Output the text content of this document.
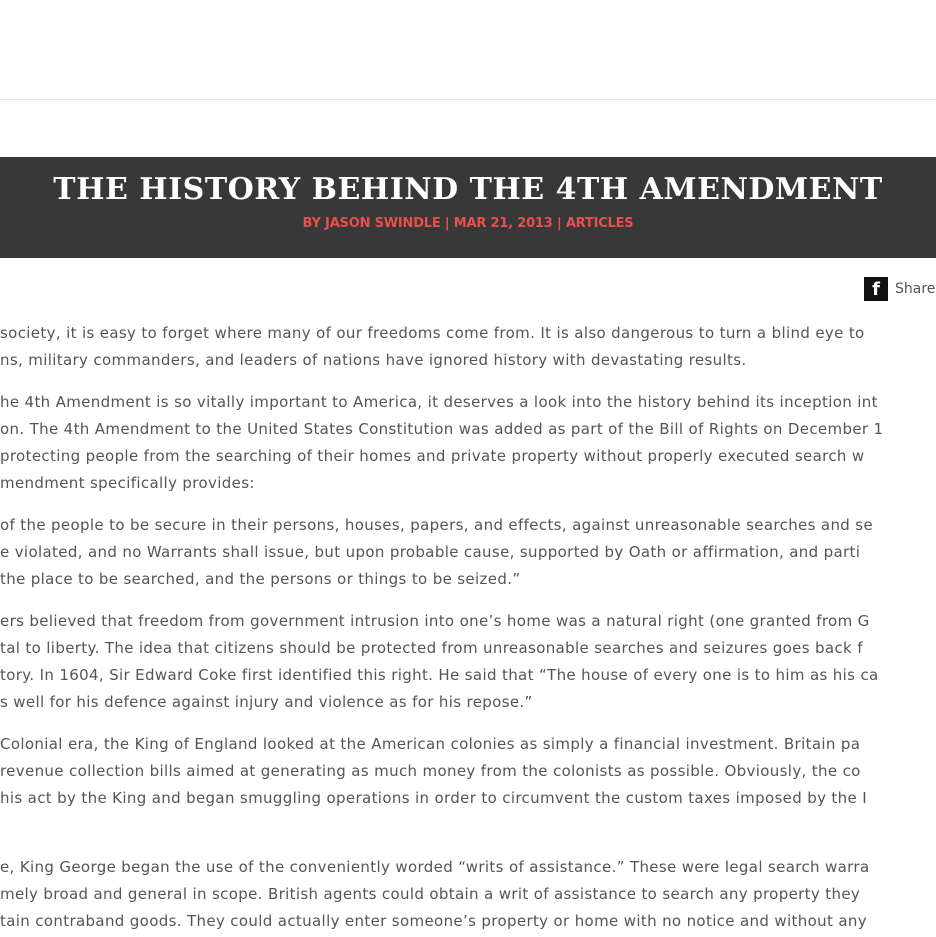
THE HISTORY BEHIND THE 4TH AMENDMENT
BY JASON SWINDLE | MAR 21, 2013 | ARTICLES
f	Share
society, it is easy to forget where many of our freedoms come from. It is also dangerous to turn a blind eye to
ns, military commanders, and leaders of nations have ignored history with devastating results.
he 4th Amendment is so vitally important to America, it deserves a look into the history behind its inception int
on. The 4th Amendment to the United States Constitution was added as part of the Bill of Rights on December 1
protecting people from the searching of their homes and private property without properly executed search w
mendment specifically provides:
of the people to be secure in their persons, houses, papers, and effects, against unreasonable searches and se
e violated, and no Warrants shall issue, but upon probable cause, supported by Oath or affirmation, and parti
the place to be searched, and the persons or things to be seized.”
ers believed that freedom from government intrusion into one’s home was a natural right (one granted from G
tal to liberty. The idea that citizens should be protected from unreasonable searches and seizures goes back f
tory. In 1604, Sir Edward Coke first identified this right. He said that “The house of every one is to him as his ca
s well for his defence against injury and violence as for his repose.”
Colonial era, the King of England looked at the American colonies as simply a financial investment. Britain pa
revenue collection bills aimed at generating as much money from the colonists as possible. Obviously, the co
his act by the King and began smuggling operations in order to circumvent the custom taxes imposed by the I
e, King George began the use of the conveniently worded “writs of assistance.” These were legal search warra
mely broad and general in scope. British agents could obtain a writ of assistance to search any property they
tain contraband goods. They could actually enter someone’s property or home with no notice and without any
